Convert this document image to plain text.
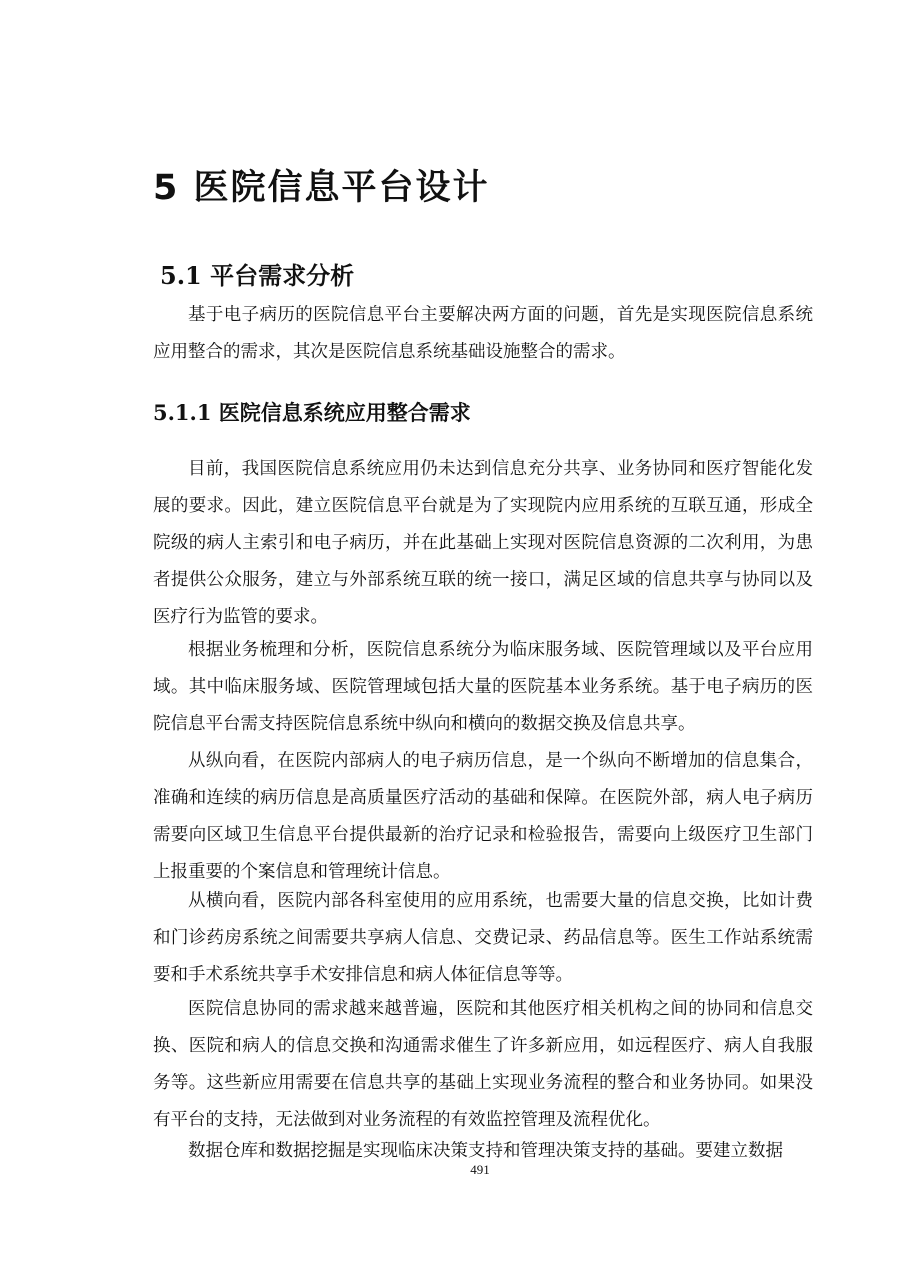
5 医院信息平台设计
5.1 平台需求分析

基于电子病历的医院信息平台主要解决两方面的问题，首先是实现医院信息系统应用整合的需求，其次是医院信息系统基础设施整合的需求。

5.1.1 医院信息系统应用整合需求

目前，我国医院信息系统应用仍未达到信息充分共享、业务协同和医疗智能化发展的要求。因此，建立医院信息平台就是为了实现院内应用系统的互联互通，形成全院级的病人主索引和电子病历，并在此基础上实现对医院信息资源的二次利用，为患者提供公众服务，建立与外部系统互联的统一接口，满足区域的信息共享与协同以及医疗行为监管的要求。

根据业务梳理和分析，医院信息系统分为临床服务域、医院管理域以及平台应用域。其中临床服务域、医院管理域包括大量的医院基本业务系统。基于电子病历的医院信息平台需支持医院信息系统中纵向和横向的数据交换及信息共享。

从纵向看，在医院内部病人的电子病历信息，是一个纵向不断增加的信息集合，准确和连续的病历信息是高质量医疗活动的基础和保障。在医院外部，病人电子病历需要向区域卫生信息平台提供最新的治疗记录和检验报告，需要向上级医疗卫生部门上报重要的个案信息和管理统计信息。

从横向看，医院内部各科室使用的应用系统，也需要大量的信息交换，比如计费和门诊药房系统之间需要共享病人信息、交费记录、药品信息等。医生工作站系统需要和手术系统共享手术安排信息和病人体征信息等等。

医院信息协同的需求越来越普遍，医院和其他医疗相关机构之间的协同和信息交换、医院和病人的信息交换和沟通需求催生了许多新应用，如远程医疗、病人自我服务等。这些新应用需要在信息共享的基础上实现业务流程的整合和业务协同。如果没有平台的支持，无法做到对业务流程的有效监控管理及流程优化。

数据仓库和数据挖掘是实现临床决策支持和管理决策支持的基础。要建立数据

491
